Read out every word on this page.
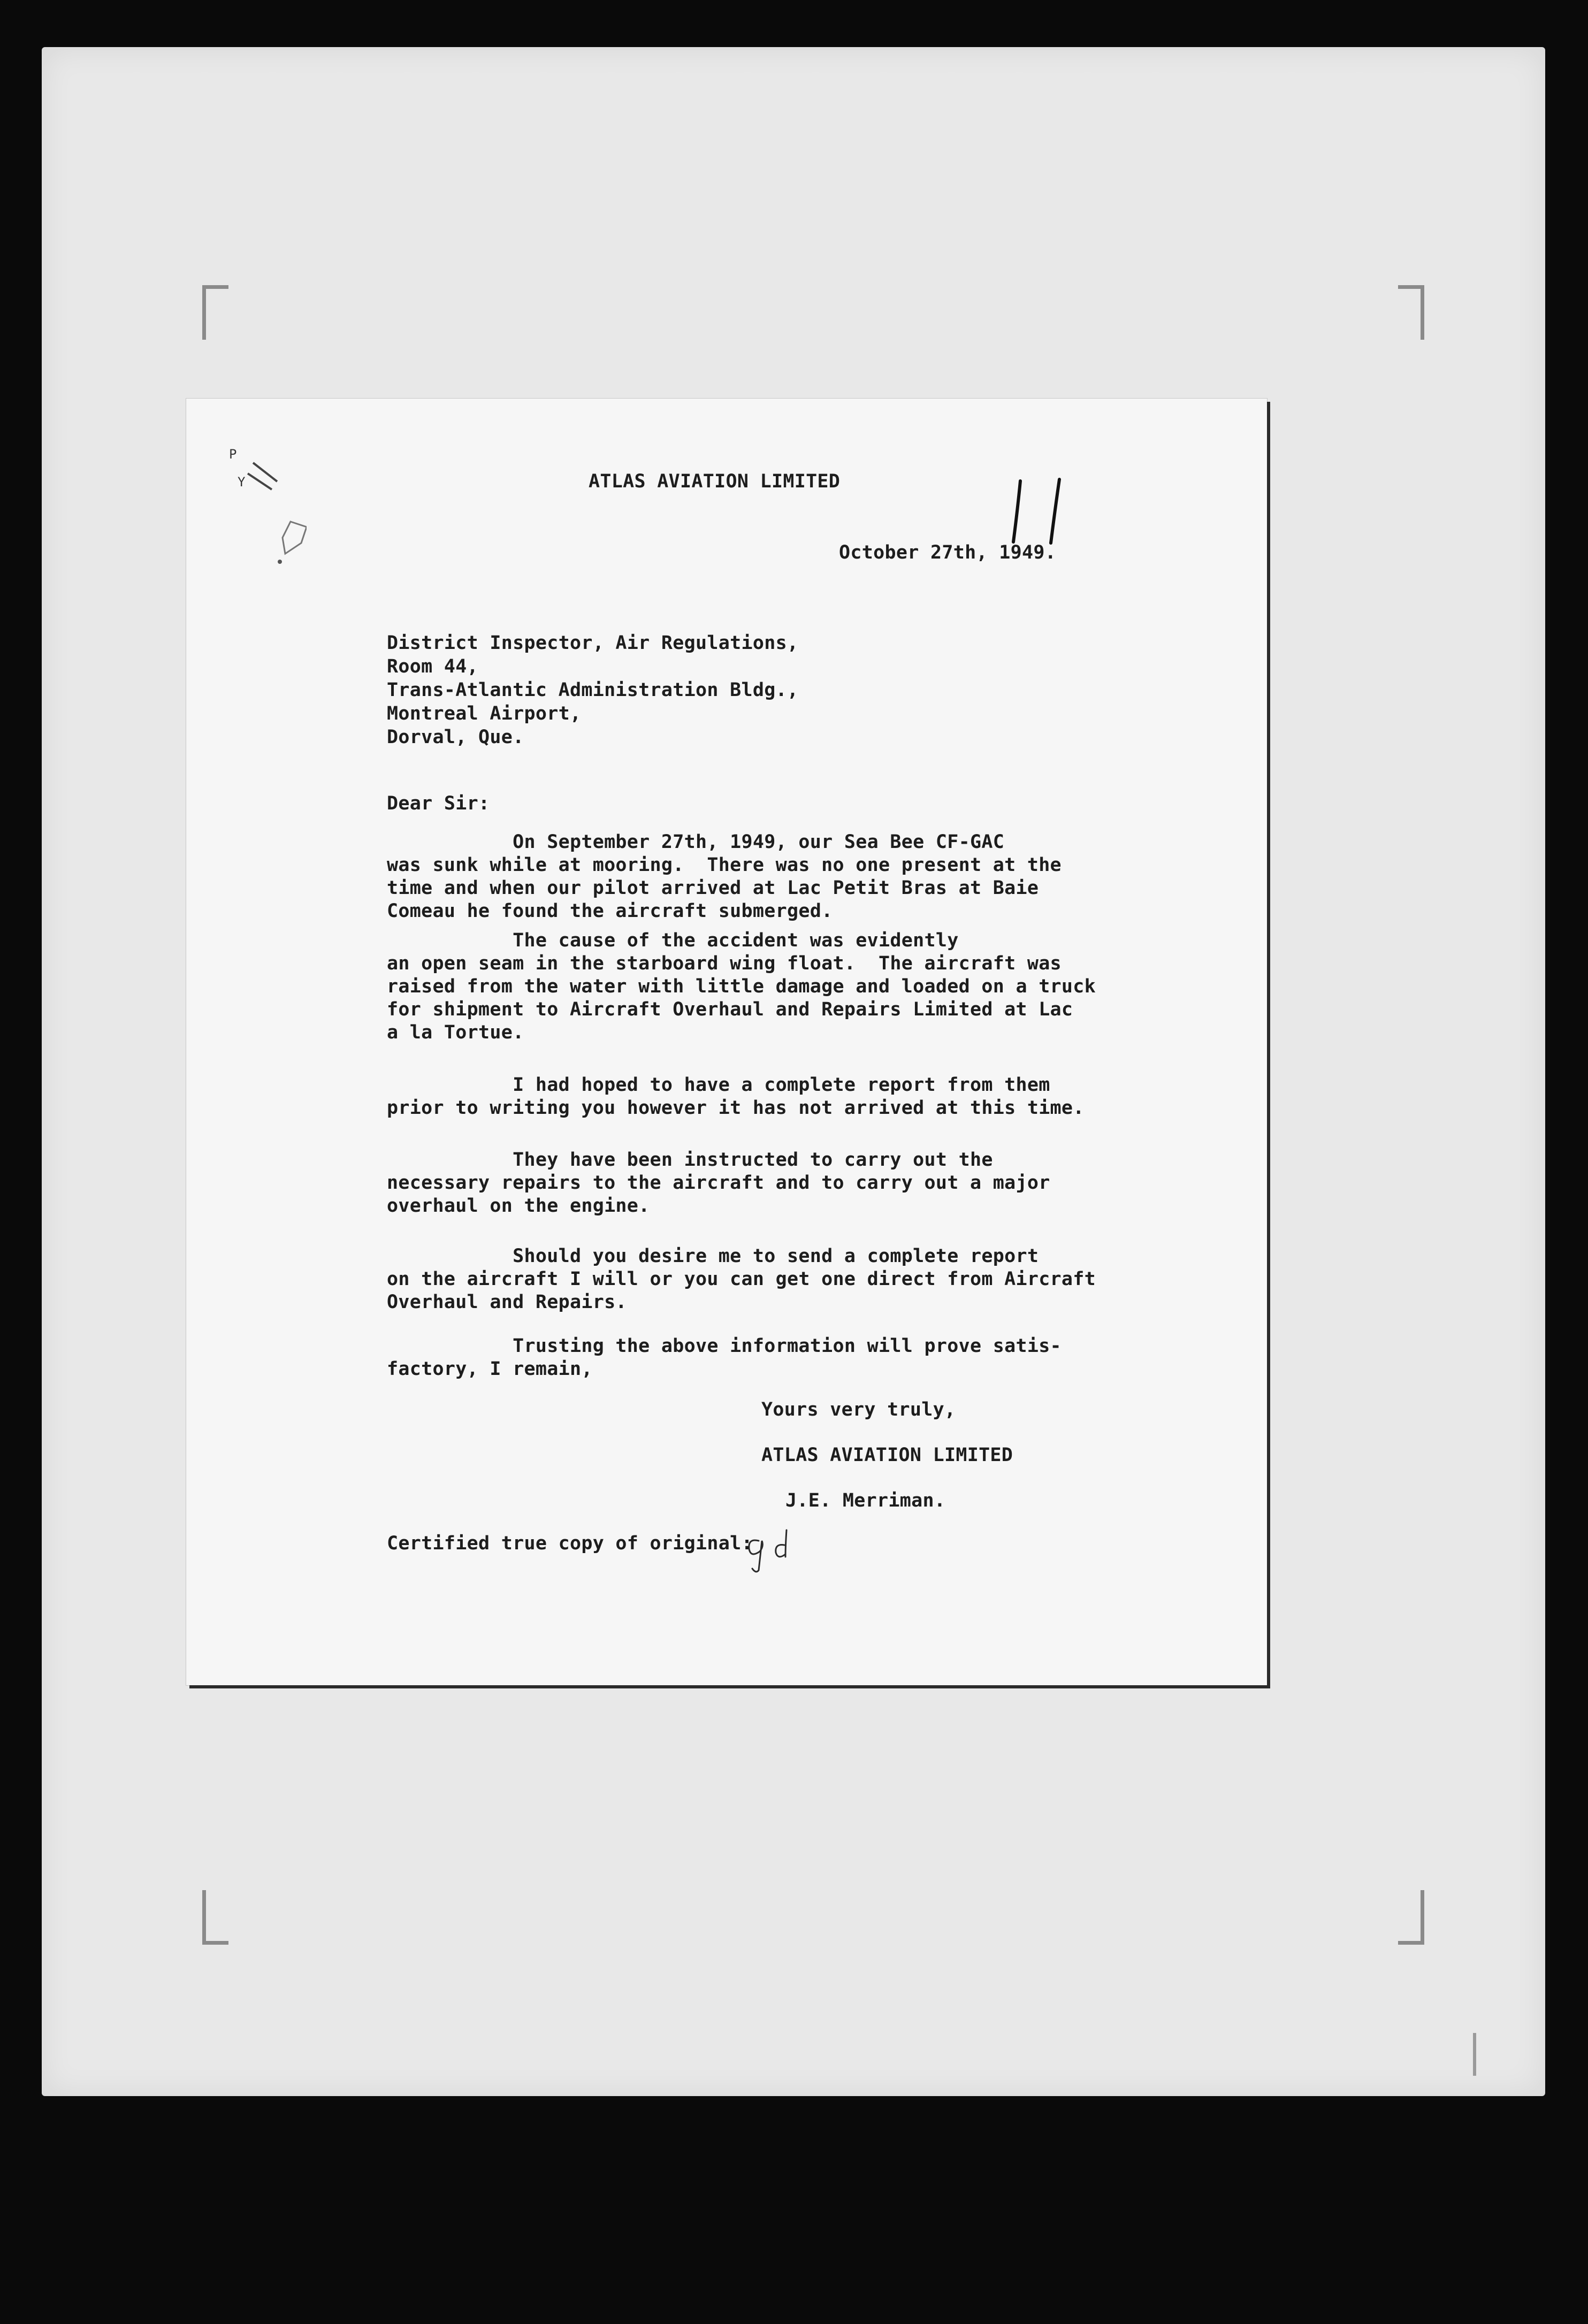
P
Y	ATLAS AVIATION LIMITED
October 27th, 1949.
District Inspector, Air Regulations,
Room 44,
Trans-Atlantic Administration Bldg.,
Montreal Airport,
Dorval, Que.
Dear Sir:
On September 27th, 1949, our Sea Bee CF-GAC
was sunk while at mooring.  There was no one present at the
time and when our pilot arrived at Lac Petit Bras at Baie
Comeau he found the aircraft submerged.
The cause of the accident was evidently
an open seam in the starboard wing float.  The aircraft was
raised from the water with little damage and loaded on a truck
for shipment to Aircraft Overhaul and Repairs Limited at Lac
a la Tortue.
I had hoped to have a complete report from them
prior to writing you however it has not arrived at this time.
They have been instructed to carry out the
necessary repairs to the aircraft and to carry out a major
overhaul on the engine.
Should you desire me to send a complete report
on the aircraft I will or you can get one direct from Aircraft
Overhaul and Repairs.
Trusting the above information will prove satis-
factory, I remain,
Yours very truly,
ATLAS AVIATION LIMITED
J.E. Merriman.
Certified true copy of original:
